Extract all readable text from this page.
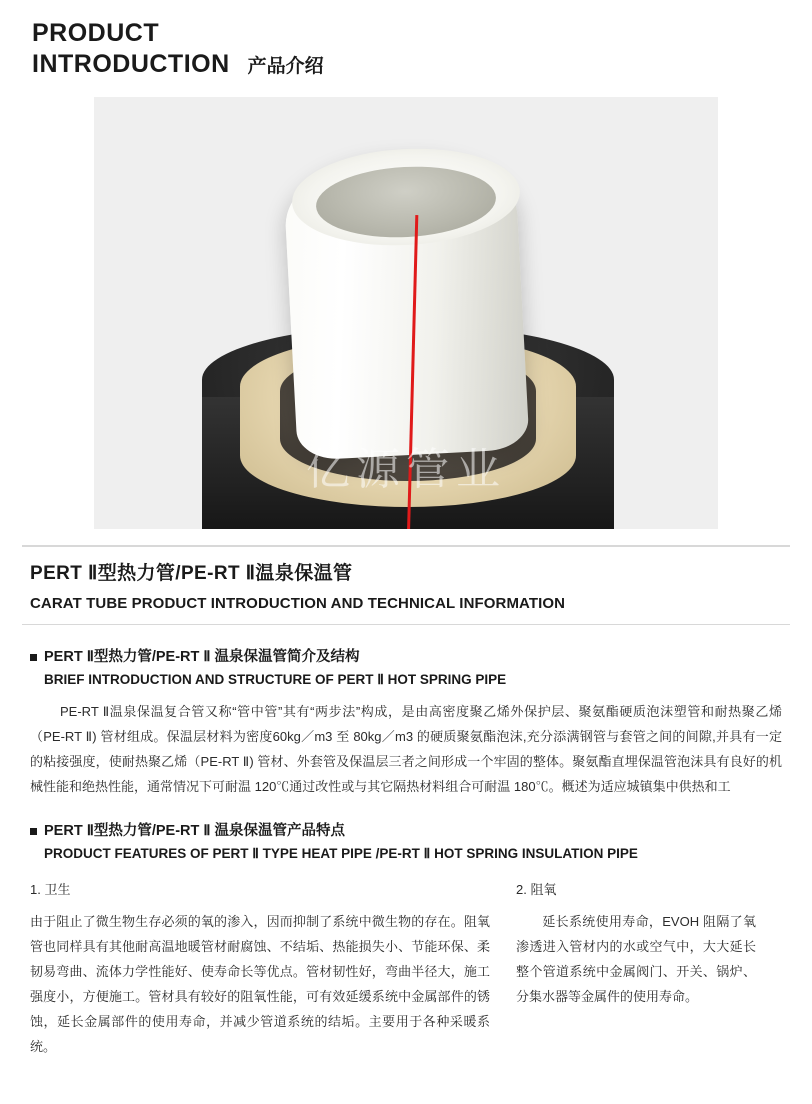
PRODUCT
INTRODUCTION 产品介绍
亿源管业
PERT Ⅱ型热力管/PE-RT Ⅱ温泉保温管
CARAT TUBE PRODUCT INTRODUCTION AND TECHNICAL INFORMATION
PERT Ⅱ型热力管/PE-RT Ⅱ 温泉保温管简介及结构
BRIEF INTRODUCTION AND STRUCTURE OF PERT Ⅱ HOT SPRING PIPE
PE-RT Ⅱ温泉保温复合管又称“管中管”其有“两步法”构成，是由高密度聚乙烯外保护层、聚氨酯硬质泡沫塑管和耐热聚乙烯（PE-RT Ⅱ) 管材组成。保温层材料为密度60kg／m3 至 80kg／m3 的硬质聚氨酯泡沫,充分添满钢管与套管之间的间隙,并具有一定的粘接强度，使耐热聚乙烯（PE-RT Ⅱ) 管材、外套管及保温层三者之间形成一个牢固的整体。聚氨酯直埋保温管泡沫具有良好的机械性能和绝热性能，通常情况下可耐温 120℃通过改性或与其它隔热材料组合可耐温 180℃。概述为适应城镇集中供热和工
PERT Ⅱ型热力管/PE-RT Ⅱ 温泉保温管产品特点
PRODUCT FEATURES OF PERT Ⅱ TYPE HEAT PIPE /PE-RT Ⅱ HOT SPRING INSULATION PIPE
1. 卫生
由于阻止了微生物生存必须的氧的渗入，因而抑制了系统中微生物的存在。阻氧管也同样具有其他耐高温地暖管材耐腐蚀、不结垢、热能损失小、节能环保、柔韧易弯曲、流体力学性能好、使寿命长等优点。管材韧性好，弯曲半径大，施工强度小，方便施工。管材具有较好的阻氧性能，可有效延缓系统中金属部件的锈蚀，延长金属部件的使用寿命，并减少管道系统的结垢。主要用于各种采暖系统。
2. 阻氧
延长系统使用寿命，EVOH 阻隔了氧渗透进入管材内的水或空气中，大大延长整个管道系统中金属阀门、开关、锅炉、分集水器等金属件的使用寿命。
